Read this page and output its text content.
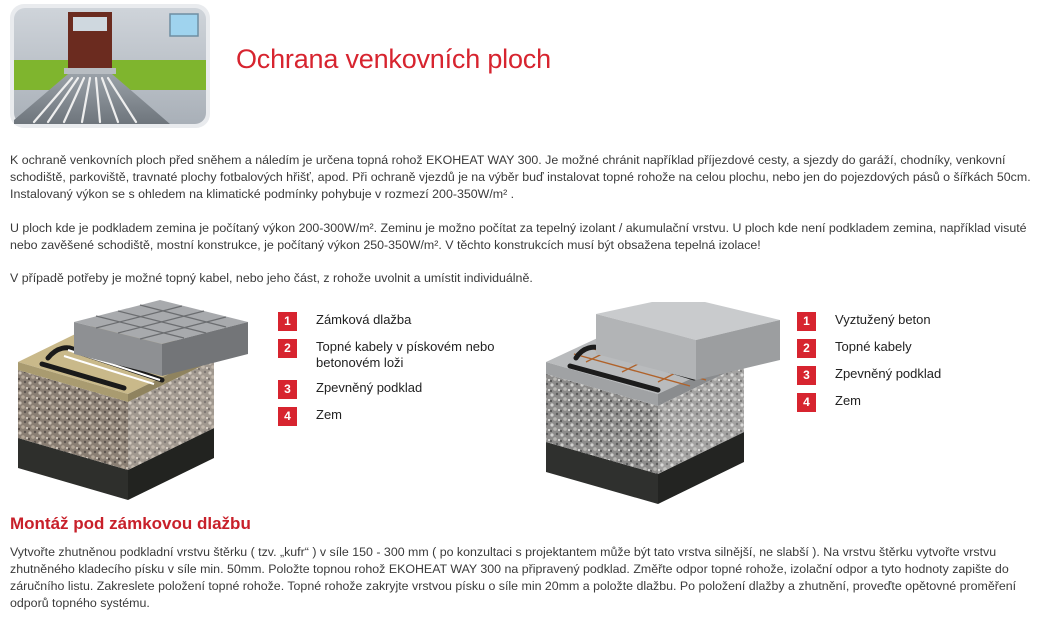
Ochrana venkovních ploch

K ochraně venkovních ploch před sněhem a náledím je určena topná rohož EKOHEAT WAY 300. Je možné chránit například příjezdové cesty, a sjezdy do garáží, chodníky, venkovní schodiště, parkoviště, travnaté plochy fotbalových hřišť, apod. Při ochraně vjezdů je na výběr buď instalovat topné rohože na celou plochu, nebo jen do pojezdových pásů o šířkách 50cm. Instalovaný výkon se s ohledem na klimatické podmínky pohybuje v rozmezí 200-350W/m² .

U ploch kde je podkladem zemina je počítaný výkon 200-300W/m². Zeminu je možno počítat za tepelný izolant / akumulační vrstvu. U ploch kde není podkladem zemina, například visuté nebo zavěšené schodiště, mostní konstrukce, je počítaný výkon 250-350W/m². V těchto konstrukcích musí být obsažena tepelná izolace!

V případě potřeby je možné topný kabel, nebo jeho část, z rohože uvolnit a umístit individuálně.

1	Zámková dlažba
2	Topné kabely v pískovém nebo betonovém loži
3	Zpevněný podklad
4	Zem
1	Vyztužený beton
2	Topné kabely
3	Zpevněný podklad
4	Zem
Montáž pod zámkovou dlažbu

Vytvořte zhutněnou podkladní vrstvu štěrku ( tzv. „kufr“ ) v síle 150 - 300 mm ( po konzultaci s projektantem může být tato vrstva silnější, ne slabší ). Na vrstvu štěrku vytvořte vrstvu zhutněného kladecího písku v síle min. 50mm. Položte topnou rohož EKOHEAT WAY 300 na připravený podklad. Změřte odpor topné rohože, izolační odpor a tyto hodnoty zapište do záručního listu. Zakreslete položení topné rohože. Topné rohože zakryjte vrstvou písku o síle min 20mm a položte dlažbu. Po položení dlažby a zhutnění, proveďte opětovné proměření odporů topného systému.
